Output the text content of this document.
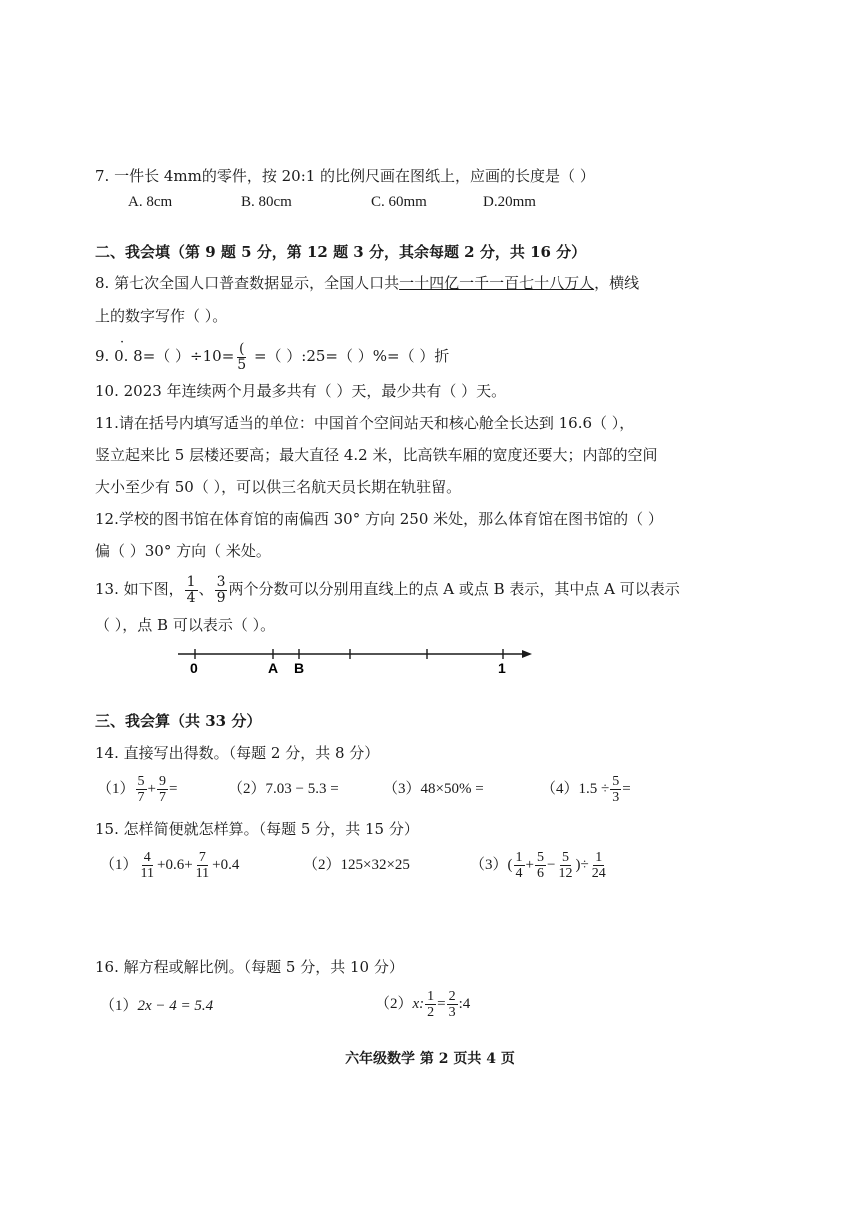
7. 一件长 4mm的零件，按 20:1 的比例尺画在图纸上，应画的长度是（ ）
A. 8cm	B. 80cm	C. 60mm	D.20mm
二、我会填（第 9 题 5 分，第 12 题 3 分，其余每题 2 分，共 16 分）
8. 第七次全国人口普查数据显示，全国人口共一十四亿一千一百七十八万人，横线
上的数字写作（ ）。
9. 0. 8=（ ）$\div 10= \frac{(}{5}$ =（ ）:25=（ ）%=（ ）折
·
10. 2023 年连续两个月最多共有（ ）天，最少共有（ ）天。
11.请在括号内填写适当的单位：中国首个空间站天和核心舱全长达到 16.6（ ），
竖立起来比 5 层楼还要高；最大直径 4.2 米，比高铁车厢的宽度还要大；内部的空间
大小至少有 50（ ），可以供三名航天员长期在轨驻留。
12.学校的图书馆在体育馆的南偏西 30° 方向 250 米处，那么体育馆在图书馆的（ ）
偏（ ）30° 方向（ 米处。
13. 如下图， $\frac{1}{4}$ 、 $\frac{3}{9}$ 两个分数可以分别用直线上的点 A 或点 B 表示，其中点 A 可以表示
（ ），点 B 可以表示（ ）。
0	A B	1
三、我会算（共 33 分）
14. 直接写出得数。（每题 2 分，共 8 分）
$(1) \frac{5}{7} + \frac{9}{7}$ =	（2）7.03 − 5.3 =	（3）48×50% =	$(4)1.5 \div \frac{5}{3}$ =
15. 怎样简便就怎样算。（每题 5 分，共 15 分）
$(1) \frac{4}{11} +0.6+ \frac{7}{11} +0.4$	（2）125×32×25	$(3)( \frac{1}{4} + \frac{5}{6} - \frac{5}{12}$ )÷ $\frac{1}{24}$
16. 解方程或解比例。（每题 5 分，共 10 分）
（1）2x − 4 = 5.4	（2）x: $\frac{1}{2} = \frac{2}{3}$ :4
六年级数学 第 2 页共 4 页
